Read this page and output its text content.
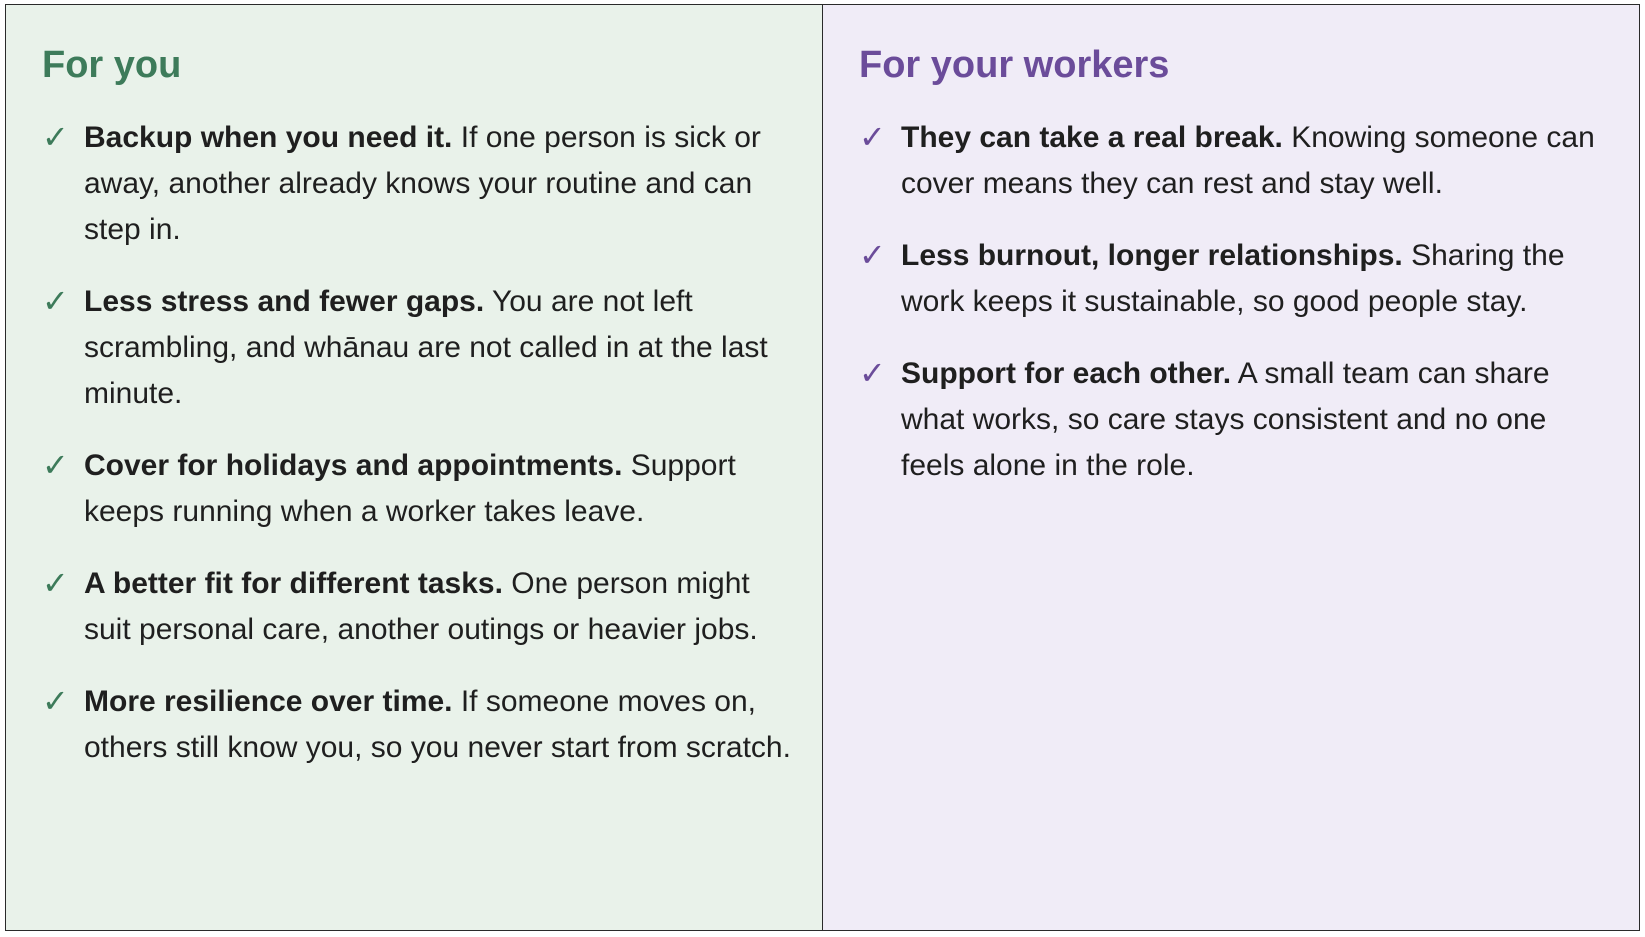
For you
✓ Backup when you need it. If one person is sick or away, another already knows your routine and can step in.
✓ Less stress and fewer gaps. You are not left scrambling, and whānau are not called in at the last minute.
✓ Cover for holidays and appointments. Support keeps running when a worker takes leave.
✓ A better fit for different tasks. One person might suit personal care, another outings or heavier jobs.
✓ More resilience over time. If someone moves on, others still know you, so you never start from scratch.
For your workers
✓ They can take a real break. Knowing someone can cover means they can rest and stay well.
✓ Less burnout, longer relationships. Sharing the work keeps it sustainable, so good people stay.
✓ Support for each other. A small team can share what works, so care stays consistent and no one feels alone in the role.
